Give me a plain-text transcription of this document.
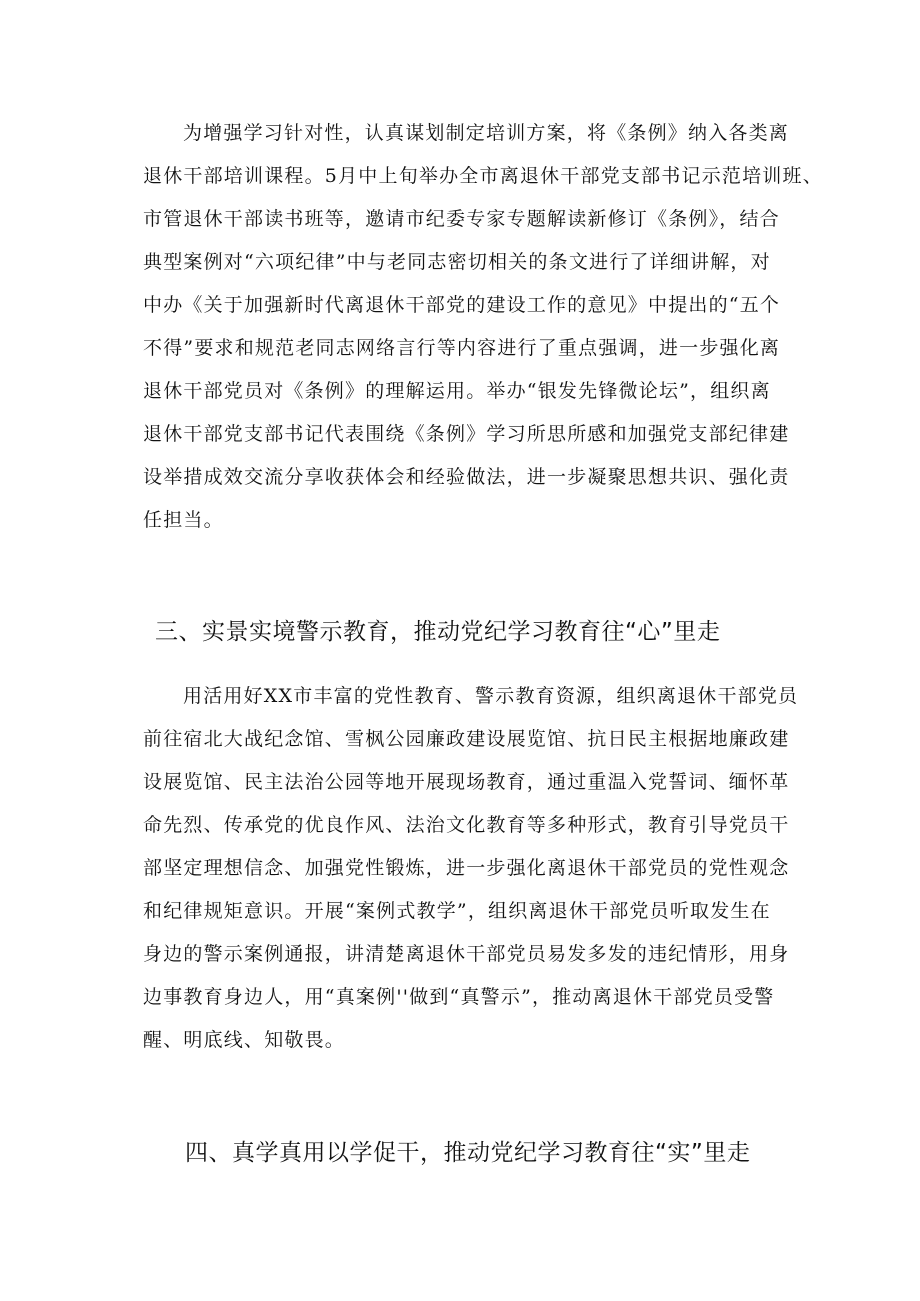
为增强学习针对性，认真谋划制定培训方案，将《条例》纳入各类离
退休干部培训课程。5月中上旬举办全市离退休干部党支部书记示范培训班、
市管退休干部读书班等，邀请市纪委专家专题解读新修订《条例》，结合
典型案例对“六项纪律”中与老同志密切相关的条文进行了详细讲解，对
中办《关于加强新时代离退休干部党的建设工作的意见》中提出的“五个
不得”要求和规范老同志网络言行等内容进行了重点强调，进一步强化离
退休干部党员对《条例》的理解运用。举办“银发先锋微论坛”，组织离
退休干部党支部书记代表围绕《条例》学习所思所感和加强党支部纪律建
设举措成效交流分享收获体会和经验做法，进一步凝聚思想共识、强化责
任担当。
三、实景实境警示教育，推动党纪学习教育往“心”里走
用活用好XX市丰富的党性教育、警示教育资源，组织离退休干部党员
前往宿北大战纪念馆、雪枫公园廉政建设展览馆、抗日民主根据地廉政建
设展览馆、民主法治公园等地开展现场教育，通过重温入党誓词、缅怀革
命先烈、传承党的优良作风、法治文化教育等多种形式，教育引导党员干
部坚定理想信念、加强党性锻炼，进一步强化离退休干部党员的党性观念
和纪律规矩意识。开展“案例式教学”，组织离退休干部党员听取发生在
身边的警示案例通报，讲清楚离退休干部党员易发多发的违纪情形，用身
边事教育身边人，用“真案例''做到“真警示”，推动离退休干部党员受警
醒、明底线、知敬畏。
四、真学真用以学促干，推动党纪学习教育往“实”里走
